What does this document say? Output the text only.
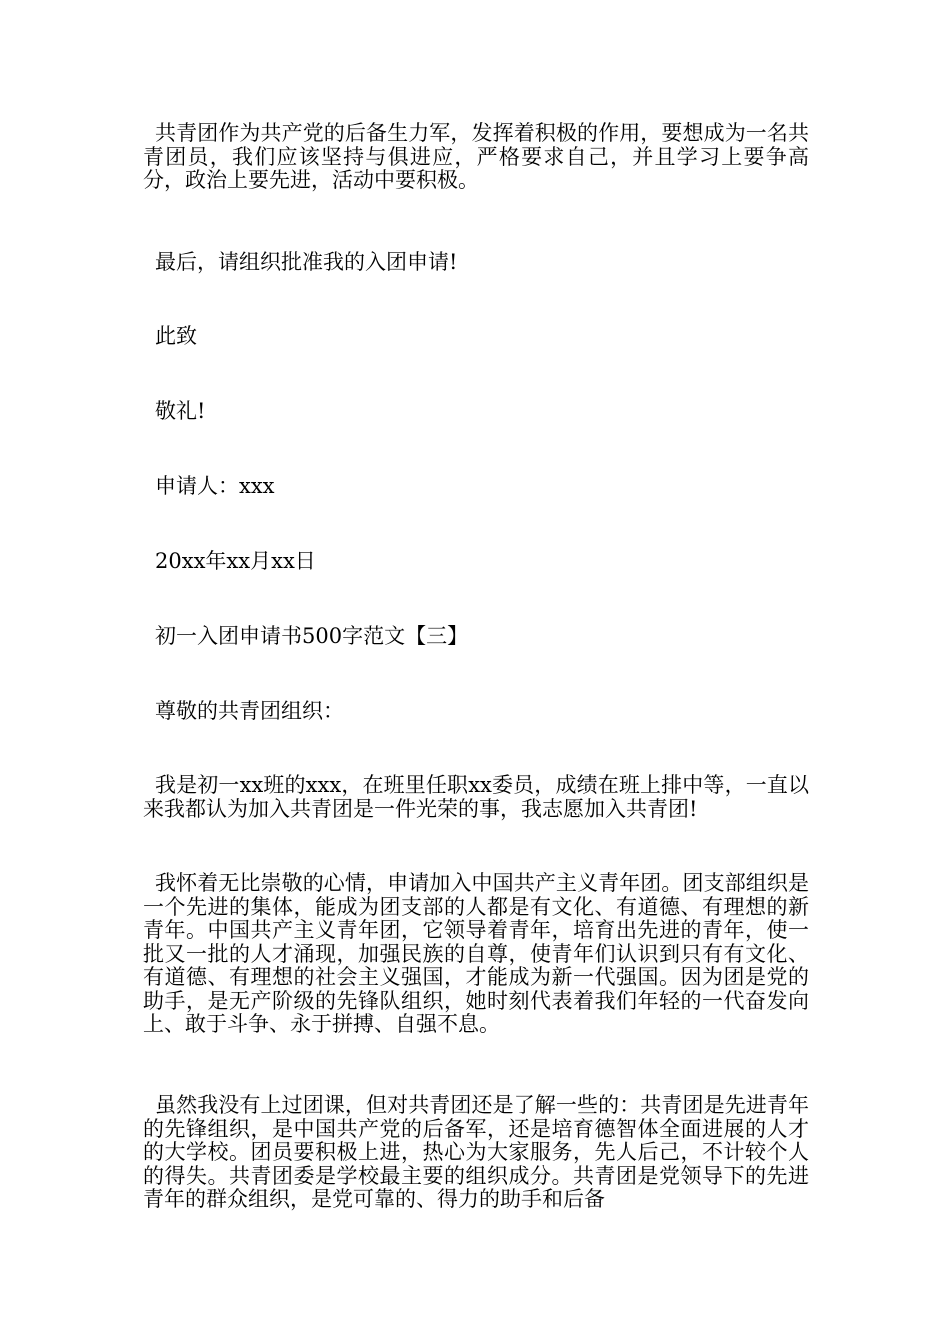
共青团作为共产党的后备生力军，发挥着积极的作用，要想成为一名共青团员，我们应该坚持与俱进应，严格要求自己，并且学习上要争高分，政治上要先进，活动中要积极。
最后，请组织批准我的入团申请!
此致
敬礼!
申请人：xxx
20xx年xx月xx日
初一入团申请书500字范文【三】
尊敬的共青团组织：
我是初一xx班的xxx，在班里任职xx委员，成绩在班上排中等，一直以来我都认为加入共青团是一件光荣的事，我志愿加入共青团!
我怀着无比崇敬的心情，申请加入中国共产主义青年团。团支部组织是一个先进的集体，能成为团支部的人都是有文化、有道德、有理想的新青年。中国共产主义青年团，它领导着青年，培育出先进的青年，使一批又一批的人才涌现，加强民族的自尊，使青年们认识到只有有文化、有道德、有理想的社会主义强国，才能成为新一代强国。因为团是党的助手，是无产阶级的先锋队组织，她时刻代表着我们年轻的一代奋发向上、敢于斗争、永于拼搏、自强不息。
虽然我没有上过团课，但对共青团还是了解一些的：共青团是先进青年的先锋组织，是中国共产党的后备军，还是培育德智体全面进展的人才的大学校。团员要积极上进，热心为大家服务，先人后己，不计较个人的得失。共青团委是学校最主要的组织成分。共青团是党领导下的先进青年的群众组织，是党可靠的、得力的助手和后备
